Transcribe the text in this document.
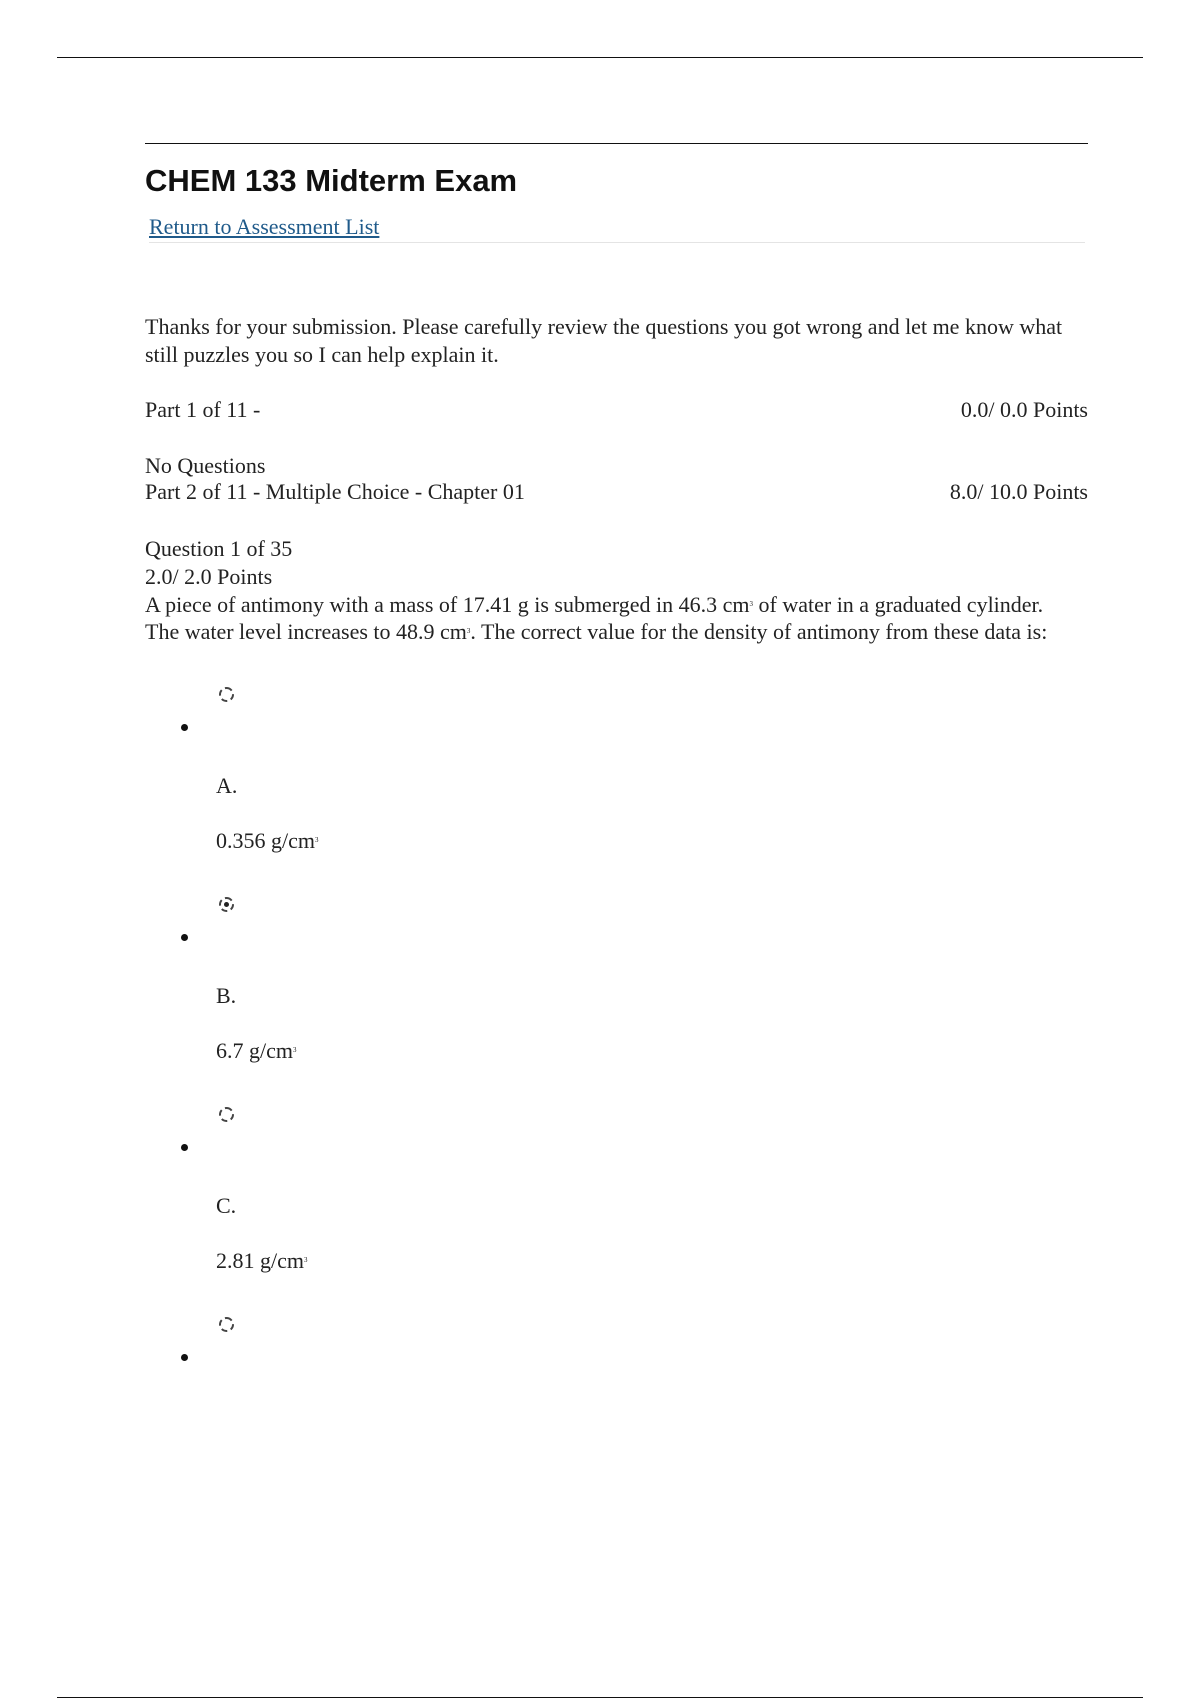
CHEM 133 Midterm Exam
Return to Assessment List

Thanks for your submission. Please carefully review the questions you got wrong and let me know what still puzzles you so I can help explain it.

Part 1 of 11 -	0.0/ 0.0 Points
No Questions
Part 2 of 11 - Multiple Choice - Chapter 01	8.0/ 10.0 Points
Question 1 of 35
2.0/ 2.0 Points
A piece of antimony with a mass of 17.41 g is submerged in 46.3 $cm^3$ of water in a graduated cylinder. The water level increases to 48.9 $cm^3$. The correct value for the density of antimony from these data is:
A.
0.356 $g/cm^3$
B.
6.7 $g/cm^3$
C.
2.81 $g/cm^3$
